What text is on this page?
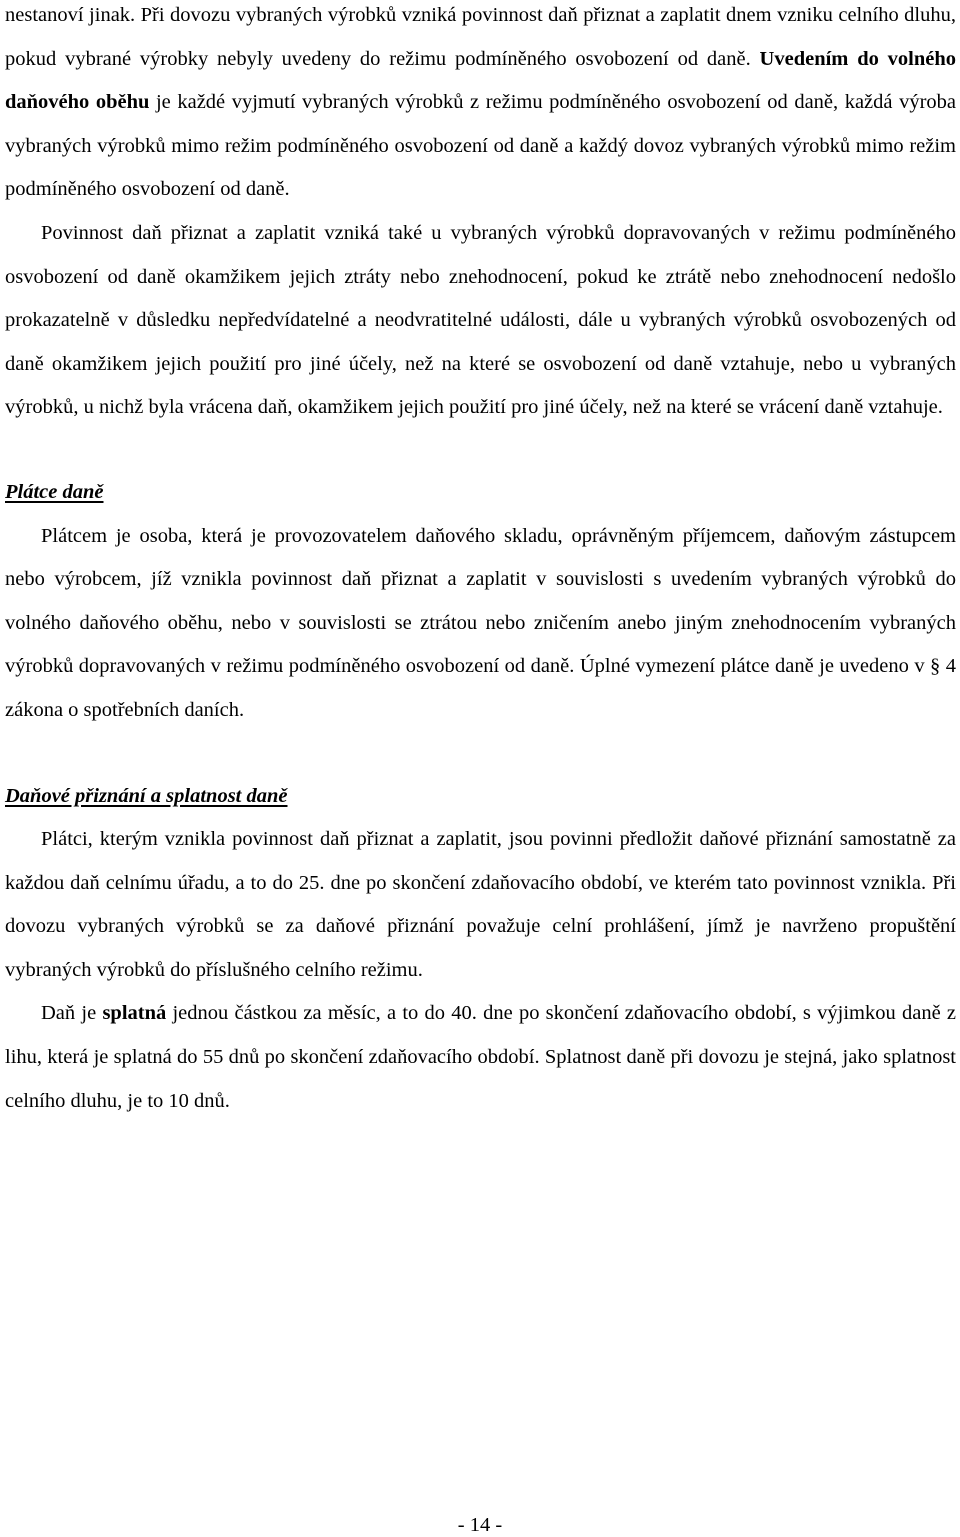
nestanoví jinak. Při dovozu vybraných výrobků vzniká povinnost daň přiznat a zaplatit dnem vzniku celního dluhu, pokud vybrané výrobky nebyly uvedeny do režimu podmíněného osvobození od daně. Uvedením do volného daňového oběhu je každé vyjmutí vybraných výrobků z režimu podmíněného osvobození od daně, každá výroba vybraných výrobků mimo režim podmíněného osvobození od daně a každý dovoz vybraných výrobků mimo režim podmíněného osvobození od daně.

Povinnost daň přiznat a zaplatit vzniká také u vybraných výrobků dopravovaných v režimu podmíněného osvobození od daně okamžikem jejich ztráty nebo znehodnocení, pokud ke ztrátě nebo znehodnocení nedošlo prokazatelně v důsledku nepředvídatelné a neodvratitelné události, dále u vybraných výrobků osvobozených od daně okamžikem jejich použití pro jiné účely, než na které se osvobození od daně vztahuje, nebo u vybraných výrobků, u nichž byla vrácena daň, okamžikem jejich použití pro jiné účely, než na které se vrácení daně vztahuje.

Plátce daně

Plátcem je osoba, která je provozovatelem daňového skladu, oprávněným příjemcem, daňovým zástupcem nebo výrobcem, jíž vznikla povinnost daň přiznat a zaplatit v souvislosti s uvedením vybraných výrobků do volného daňového oběhu, nebo v souvislosti se ztrátou nebo zničením anebo jiným znehodnocením vybraných výrobků dopravovaných v režimu podmíněného osvobození od daně. Úplné vymezení plátce daně je uvedeno v § 4 zákona o spotřebních daních.

Daňové přiznání a splatnost daně

Plátci, kterým vznikla povinnost daň přiznat a zaplatit, jsou povinni předložit daňové přiznání samostatně za každou daň celnímu úřadu, a to do 25. dne po skončení zdaňovacího období, ve kterém tato povinnost vznikla. Při dovozu vybraných výrobků se za daňové přiznání považuje celní prohlášení, jímž je navrženo propuštění vybraných výrobků do příslušného celního režimu.

Daň je splatná jednou částkou za měsíc, a to do 40. dne po skončení zdaňovacího období, s výjimkou daně z lihu, která je splatná do 55 dnů po skončení zdaňovacího období. Splatnost daně při dovozu je stejná, jako splatnost celního dluhu, je to 10 dnů.

- 14 -
